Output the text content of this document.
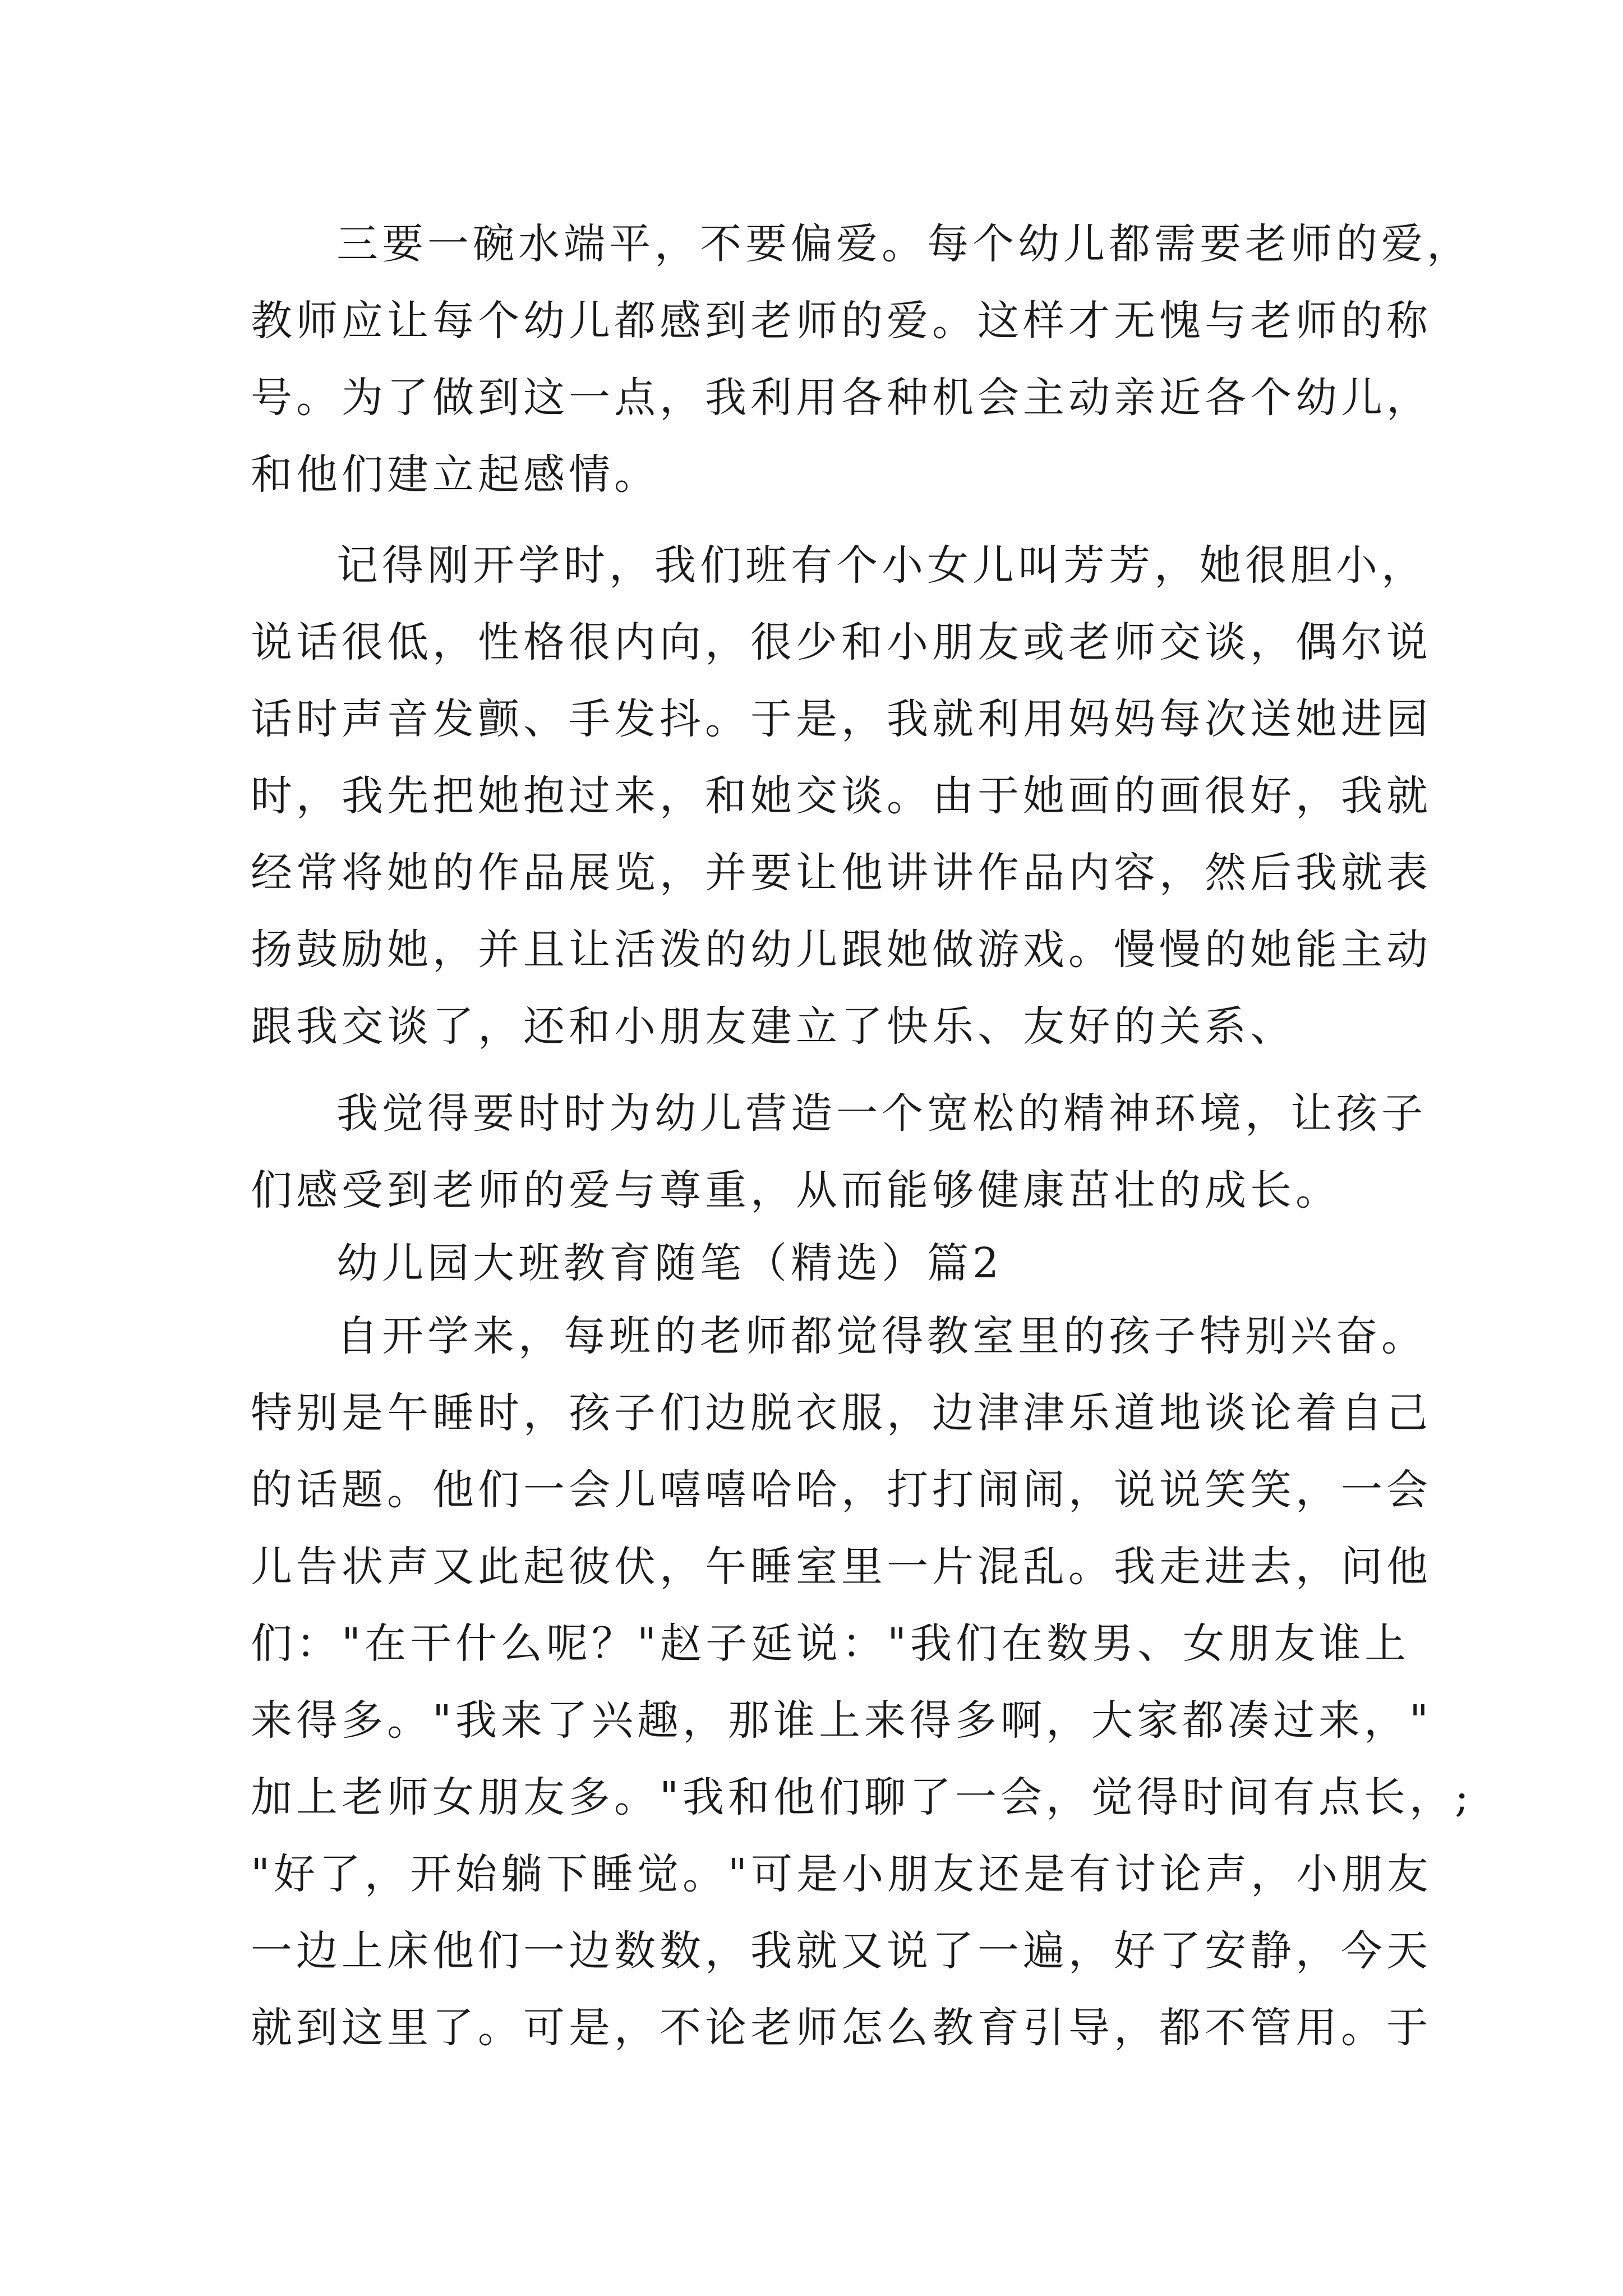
三要一碗水端平，不要偏爱。每个幼儿都需要老师的爱，
教师应让每个幼儿都感到老师的爱。这样才无愧与老师的称
号。为了做到这一点，我利用各种机会主动亲近各个幼儿，
和他们建立起感情。
记得刚开学时，我们班有个小女儿叫芳芳，她很胆小，
说话很低，性格很内向，很少和小朋友或老师交谈，偶尔说
话时声音发颤、手发抖。于是，我就利用妈妈每次送她进园
时，我先把她抱过来，和她交谈。由于她画的画很好，我就
经常将她的作品展览，并要让他讲讲作品内容，然后我就表
扬鼓励她，并且让活泼的幼儿跟她做游戏。慢慢的她能主动
跟我交谈了，还和小朋友建立了快乐、友好的关系、
我觉得要时时为幼儿营造一个宽松的精神环境，让孩子
们感受到老师的爱与尊重，从而能够健康茁壮的成长。
幼儿园大班教育随笔（精选）篇2
自开学来，每班的老师都觉得教室里的孩子特别兴奋。
特别是午睡时，孩子们边脱衣服，边津津乐道地谈论着自己
的话题。他们一会儿嘻嘻哈哈，打打闹闹，说说笑笑，一会
儿告状声又此起彼伏，午睡室里一片混乱。我走进去，问他
们："在干什么呢？"赵子延说："我们在数男、女朋友谁上
来得多。"我来了兴趣，那谁上来得多啊，大家都凑过来，"
加上老师女朋友多。"我和他们聊了一会，觉得时间有点长，;
"好了，开始躺下睡觉。"可是小朋友还是有讨论声，小朋友
一边上床他们一边数数，我就又说了一遍，好了安静，今天
就到这里了。可是，不论老师怎么教育引导，都不管用。于
